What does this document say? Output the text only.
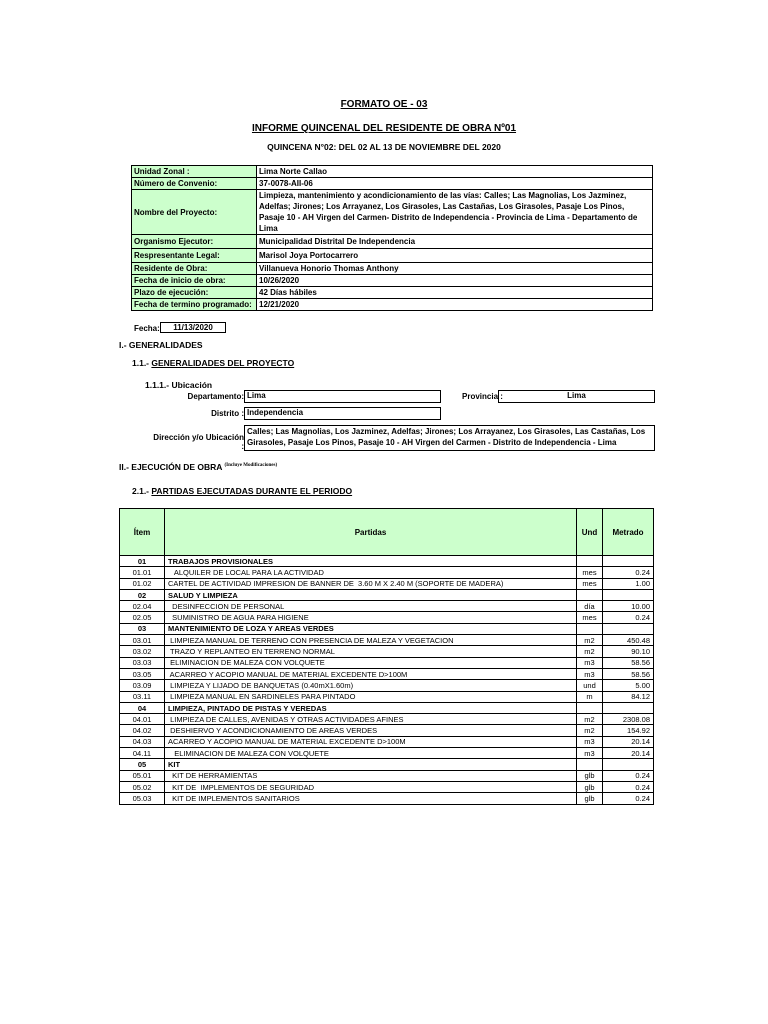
FORMATO OE - 03
INFORME QUINCENAL DEL RESIDENTE DE OBRA Nº01
QUINCENA N°02: DEL 02 AL 13 DE NOVIEMBRE DEL 2020
Unidad Zonal :	Lima Norte Callao
Número de Convenio:	37-0078-AII-06
Nombre del Proyecto:	Limpieza, mantenimiento y acondicionamiento de las vías: Calles; Las Magnolias, Los Jazminez, Adelfas; Jirones; Los Arrayanez, Los Girasoles, Las Castañas, Los Girasoles, Pasaje Los Pinos, Pasaje 10 - AH Virgen del Carmen- Distrito de Independencia - Provincia de Lima - Departamento de Lima
Organismo Ejecutor:	Municipalidad Distrital De Independencia
Respresentante Legal:	Marisol Joya Portocarrero
Residente de Obra:	Villanueva Honorio Thomas Anthony
Fecha de inicio de obra:	10/26/2020
Plazo de ejecución:	42 Días hábiles
Fecha de termino programado:	12/21/2020
Fecha:	11/13/2020
I.- GENERALIDADES
1.1.- GENERALIDADES DEL PROYECTO
1.1.1.- Ubicación
Departamento: Lima	Provincia :	Lima
Distrito : Independencia
Dirección y/o Ubicación :
Calles; Las Magnolias, Los Jazminez, Adelfas; Jirones; Los Arrayanez, Los Girasoles, Las Castañas, Los Girasoles, Pasaje Los Pinos, Pasaje 10 - AH Virgen del Carmen - Distrito de Independencia - Lima
II.- EJECUCIÓN DE OBRA $^{(Incluye Modificaciones)}$
2.1.- PARTIDAS EJECUTADAS DURANTE EL PERIODO
Ítem	Partidas	Und	Metrado
01	TRABAJOS PROVISIONALES		
01.01	ALQUILER DE LOCAL PARA LA ACTIVIDAD	mes	0.24
01.02	CARTEL DE ACTIVIDAD IMPRESION DE BANNER DE  3.60 M X 2.40 M (SOPORTE DE MADERA)	mes	1.00
02	SALUD Y LIMPIEZA		
02.04	DESINFECCION DE PERSONAL	día	10.00
02.05	SUMINISTRO DE AGUA PARA HIGIENE	mes	0.24
03	MANTENIMIENTO DE LOZA Y AREAS VERDES		
03.01	LIMPIEZA MANUAL DE TERRENO CON PRESENCIA DE MALEZA Y VEGETACION	m2	450.48
03.02	TRAZO Y REPLANTEO EN TERRENO NORMAL	m2	90.10
03.03	ELIMINACION DE MALEZA CON VOLQUETE	m3	58.56
03.05	ACARREO Y ACOPIO MANUAL DE MATERIAL EXCEDENTE D>100M	m3	58.56
03.09	LIMPIEZA Y LIJADO DE BANQUETAS (0.40mX1.60m)	und	5.00
03.11	LIMPIEZA MANUAL EN SARDINELES PARA PINTADO	m	84.12
04	LIMPIEZA, PINTADO DE PISTAS Y VEREDAS		
04.01	LIMPIEZA DE CALLES, AVENIDAS Y OTRAS ACTIVIDADES AFINES	m2	2308.08
04.02	DESHIERVO Y ACONDICIONAMIENTO DE AREAS VERDES	m2	154.92
04.03	ACARREO Y ACOPIO MANUAL DE MATERIAL EXCEDENTE D>100M	m3	20.14
04.11	ELIMINACION DE MALEZA CON VOLQUETE	m3	20.14
05	KIT		
05.01	KIT DE HERRAMIENTAS	glb	0.24
05.02	KIT DE  IMPLEMENTOS DE SEGURIDAD	glb	0.24
05.03	KIT DE IMPLEMENTOS SANITARIOS	glb	0.24
